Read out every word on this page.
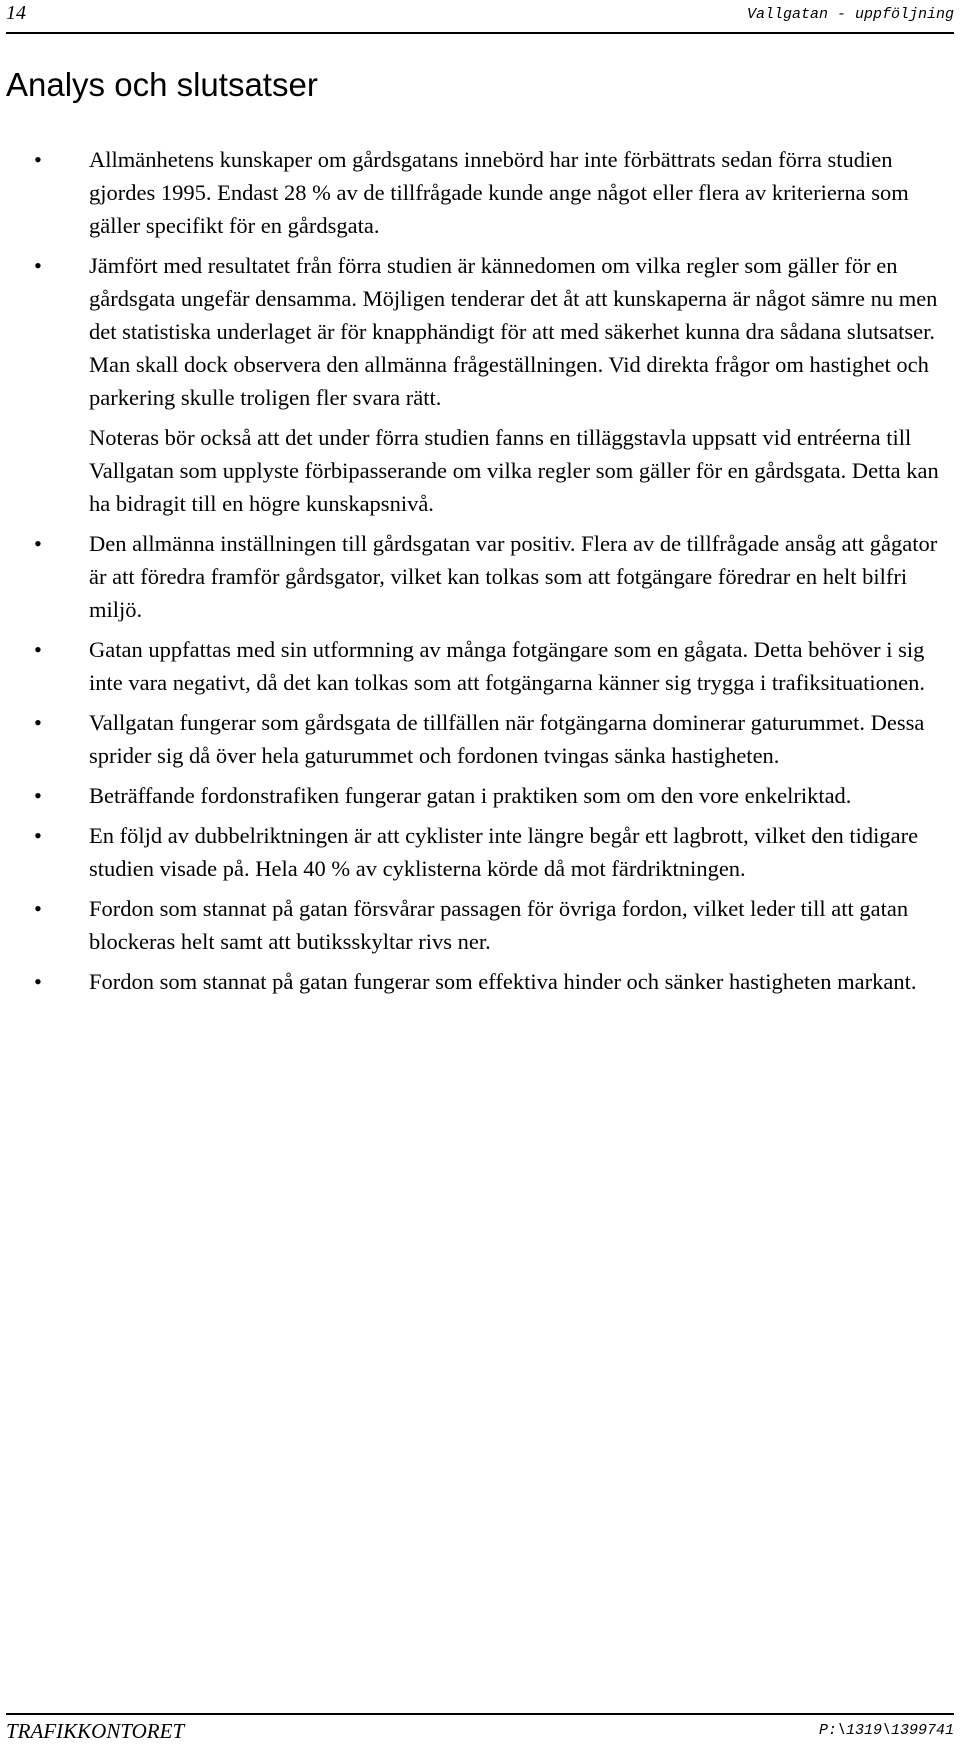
14	Vallgatan - uppföljning
Analys och slutsatser
• Allmänhetens kunskaper om gårdsgatans innebörd har inte förbättrats sedan förra studien gjordes 1995. Endast 28 % av de tillfrågade kunde ange något eller flera av kriterierna som gäller specifikt för en gårdsgata.
• Jämfört med resultatet från förra studien är kännedomen om vilka regler som gäller för en gårdsgata ungefär densamma. Möjligen tenderar det åt att kunskaperna är något sämre nu men det statistiska underlaget är för knapphändigt för att med säkerhet kunna dra sådana slutsatser. Man skall dock observera den allmänna frågeställningen. Vid direkta frågor om hastighet och parkering skulle troligen fler svara rätt.
Noteras bör också att det under förra studien fanns en tilläggstavla uppsatt vid entréerna till Vallgatan som upplyste förbipasserande om vilka regler som gäller för en gårdsgata. Detta kan ha bidragit till en högre kunskapsnivå.
• Den allmänna inställningen till gårdsgatan var positiv. Flera av de tillfrågade ansåg att gågator är att föredra framför gårdsgator, vilket kan tolkas som att fotgängare föredrar en helt bilfri miljö.
• Gatan uppfattas med sin utformning av många fotgängare som en gågata. Detta behöver i sig inte vara negativt, då det kan tolkas som att fotgängarna känner sig trygga i trafiksituationen.
• Vallgatan fungerar som gårdsgata de tillfällen när fotgängarna dominerar gaturummet. Dessa sprider sig då över hela gaturummet och fordonen tvingas sänka hastigheten.
• Beträffande fordonstrafiken fungerar gatan i praktiken som om den vore enkelriktad.
• En följd av dubbelriktningen är att cyklister inte längre begår ett lagbrott, vilket den tidigare studien visade på. Hela 40 % av cyklisterna körde då mot färdriktningen.
• Fordon som stannat på gatan försvårar passagen för övriga fordon, vilket leder till att gatan blockeras helt samt att butiksskyltar rivs ner.
• Fordon som stannat på gatan fungerar som effektiva hinder och sänker hastigheten markant.
TRAFIKKONTORET	P:\1319\1399741
